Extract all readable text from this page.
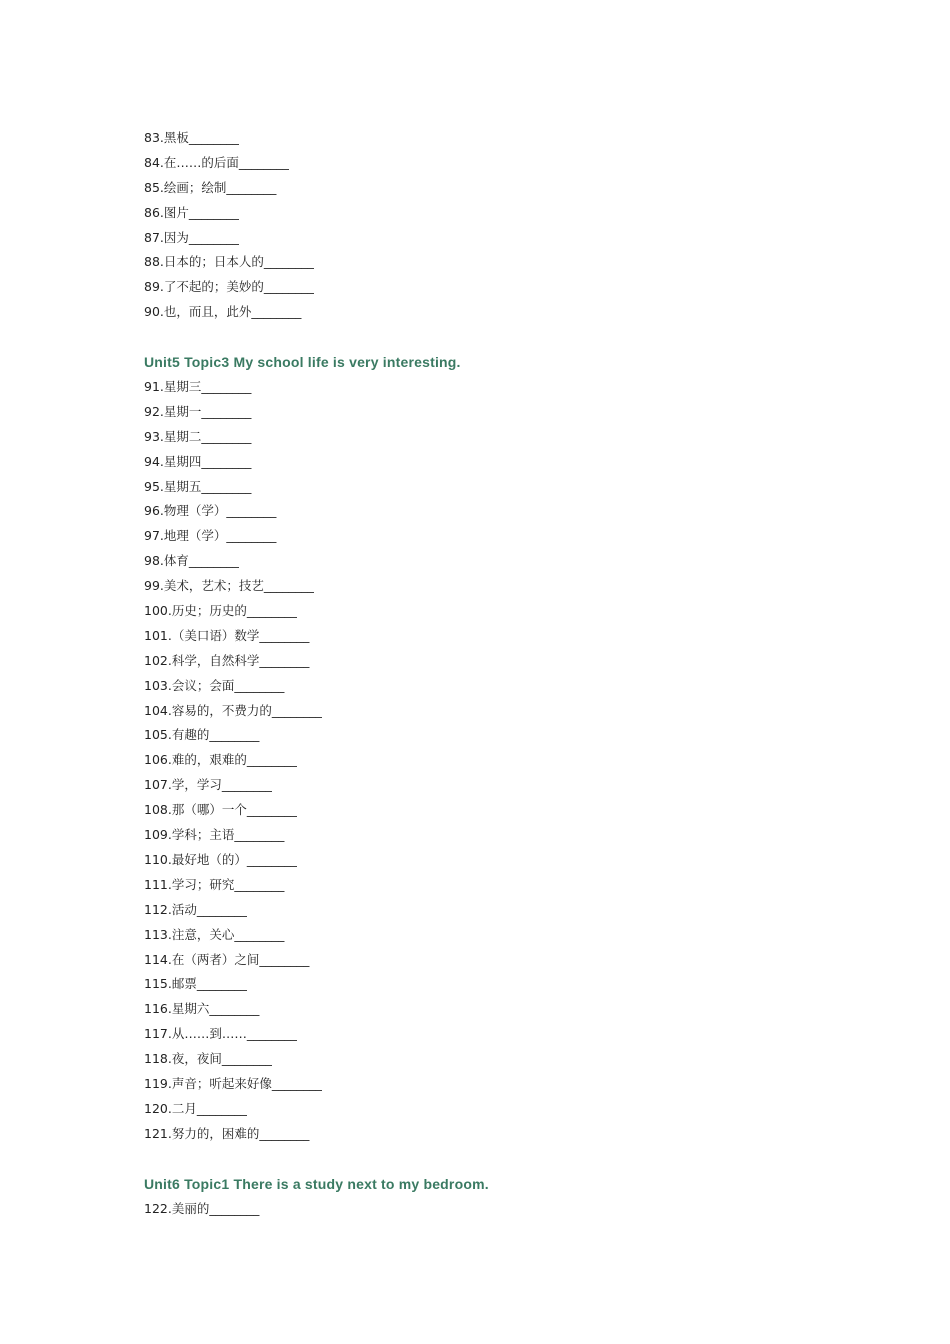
83.黑板________
84.在……的后面________
85.绘画；绘制________
86.图片________
87.因为________
88.日本的；日本人的________
89.了不起的；美妙的________
90.也，而且，此外________
Unit5 Topic3 My school life is very interesting.
91.星期三________
92.星期一________
93.星期二________
94.星期四________
95.星期五________
96.物理（学）________
97.地理（学）________
98.体育________
99.美术，艺术；技艺________
100.历史；历史的________
101.（美口语）数学________
102.科学，自然科学________
103.会议；会面________
104.容易的，不费力的________
105.有趣的________
106.难的，艰难的________
107.学，学习________
108.那（哪）一个________
109.学科；主语________
110.最好地（的）________
111.学习；研究________
112.活动________
113.注意，关心________
114.在（两者）之间________
115.邮票________
116.星期六________
117.从……到……________
118.夜，夜间________
119.声音；听起来好像________
120.二月________
121.努力的，困难的________
Unit6 Topic1 There is a study next to my bedroom.
122.美丽的________
